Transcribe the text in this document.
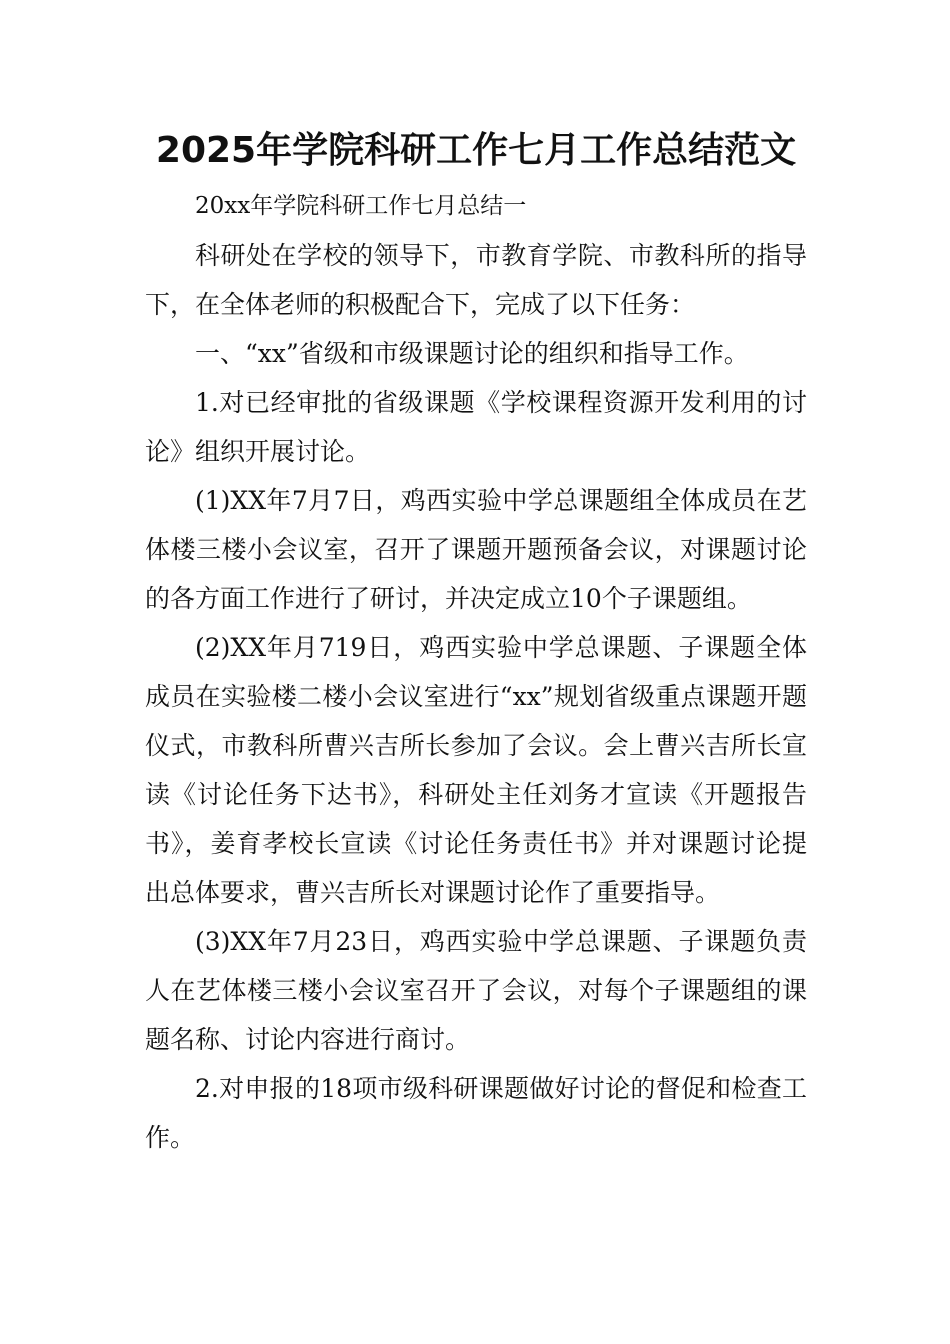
2025年学院科研工作七月工作总结范文

20xx年学院科研工作七月总结一

科研处在学校的领导下，市教育学院、市教科所的指导下，在全体老师的积极配合下，完成了以下任务：

一、“xx”省级和市级课题讨论的组织和指导工作。

1.对已经审批的省级课题《学校课程资源开发利用的讨论》组织开展讨论。

(1)XX年7月7日，鸡西实验中学总课题组全体成员在艺体楼三楼小会议室，召开了课题开题预备会议，对课题讨论的各方面工作进行了研讨，并决定成立10个子课题组。

(2)XX年月719日，鸡西实验中学总课题、子课题全体成员在实验楼二楼小会议室进行“xx”规划省级重点课题开题仪式，市教科所曹兴吉所长参加了会议。会上曹兴吉所长宣读《讨论任务下达书》，科研处主任刘务才宣读《开题报告书》，姜育孝校长宣读《讨论任务责任书》并对课题讨论提出总体要求，曹兴吉所长对课题讨论作了重要指导。

(3)XX年7月23日，鸡西实验中学总课题、子课题负责人在艺体楼三楼小会议室召开了会议，对每个子课题组的课题名称、讨论内容进行商讨。

2.对申报的18项市级科研课题做好讨论的督促和检查工作。
